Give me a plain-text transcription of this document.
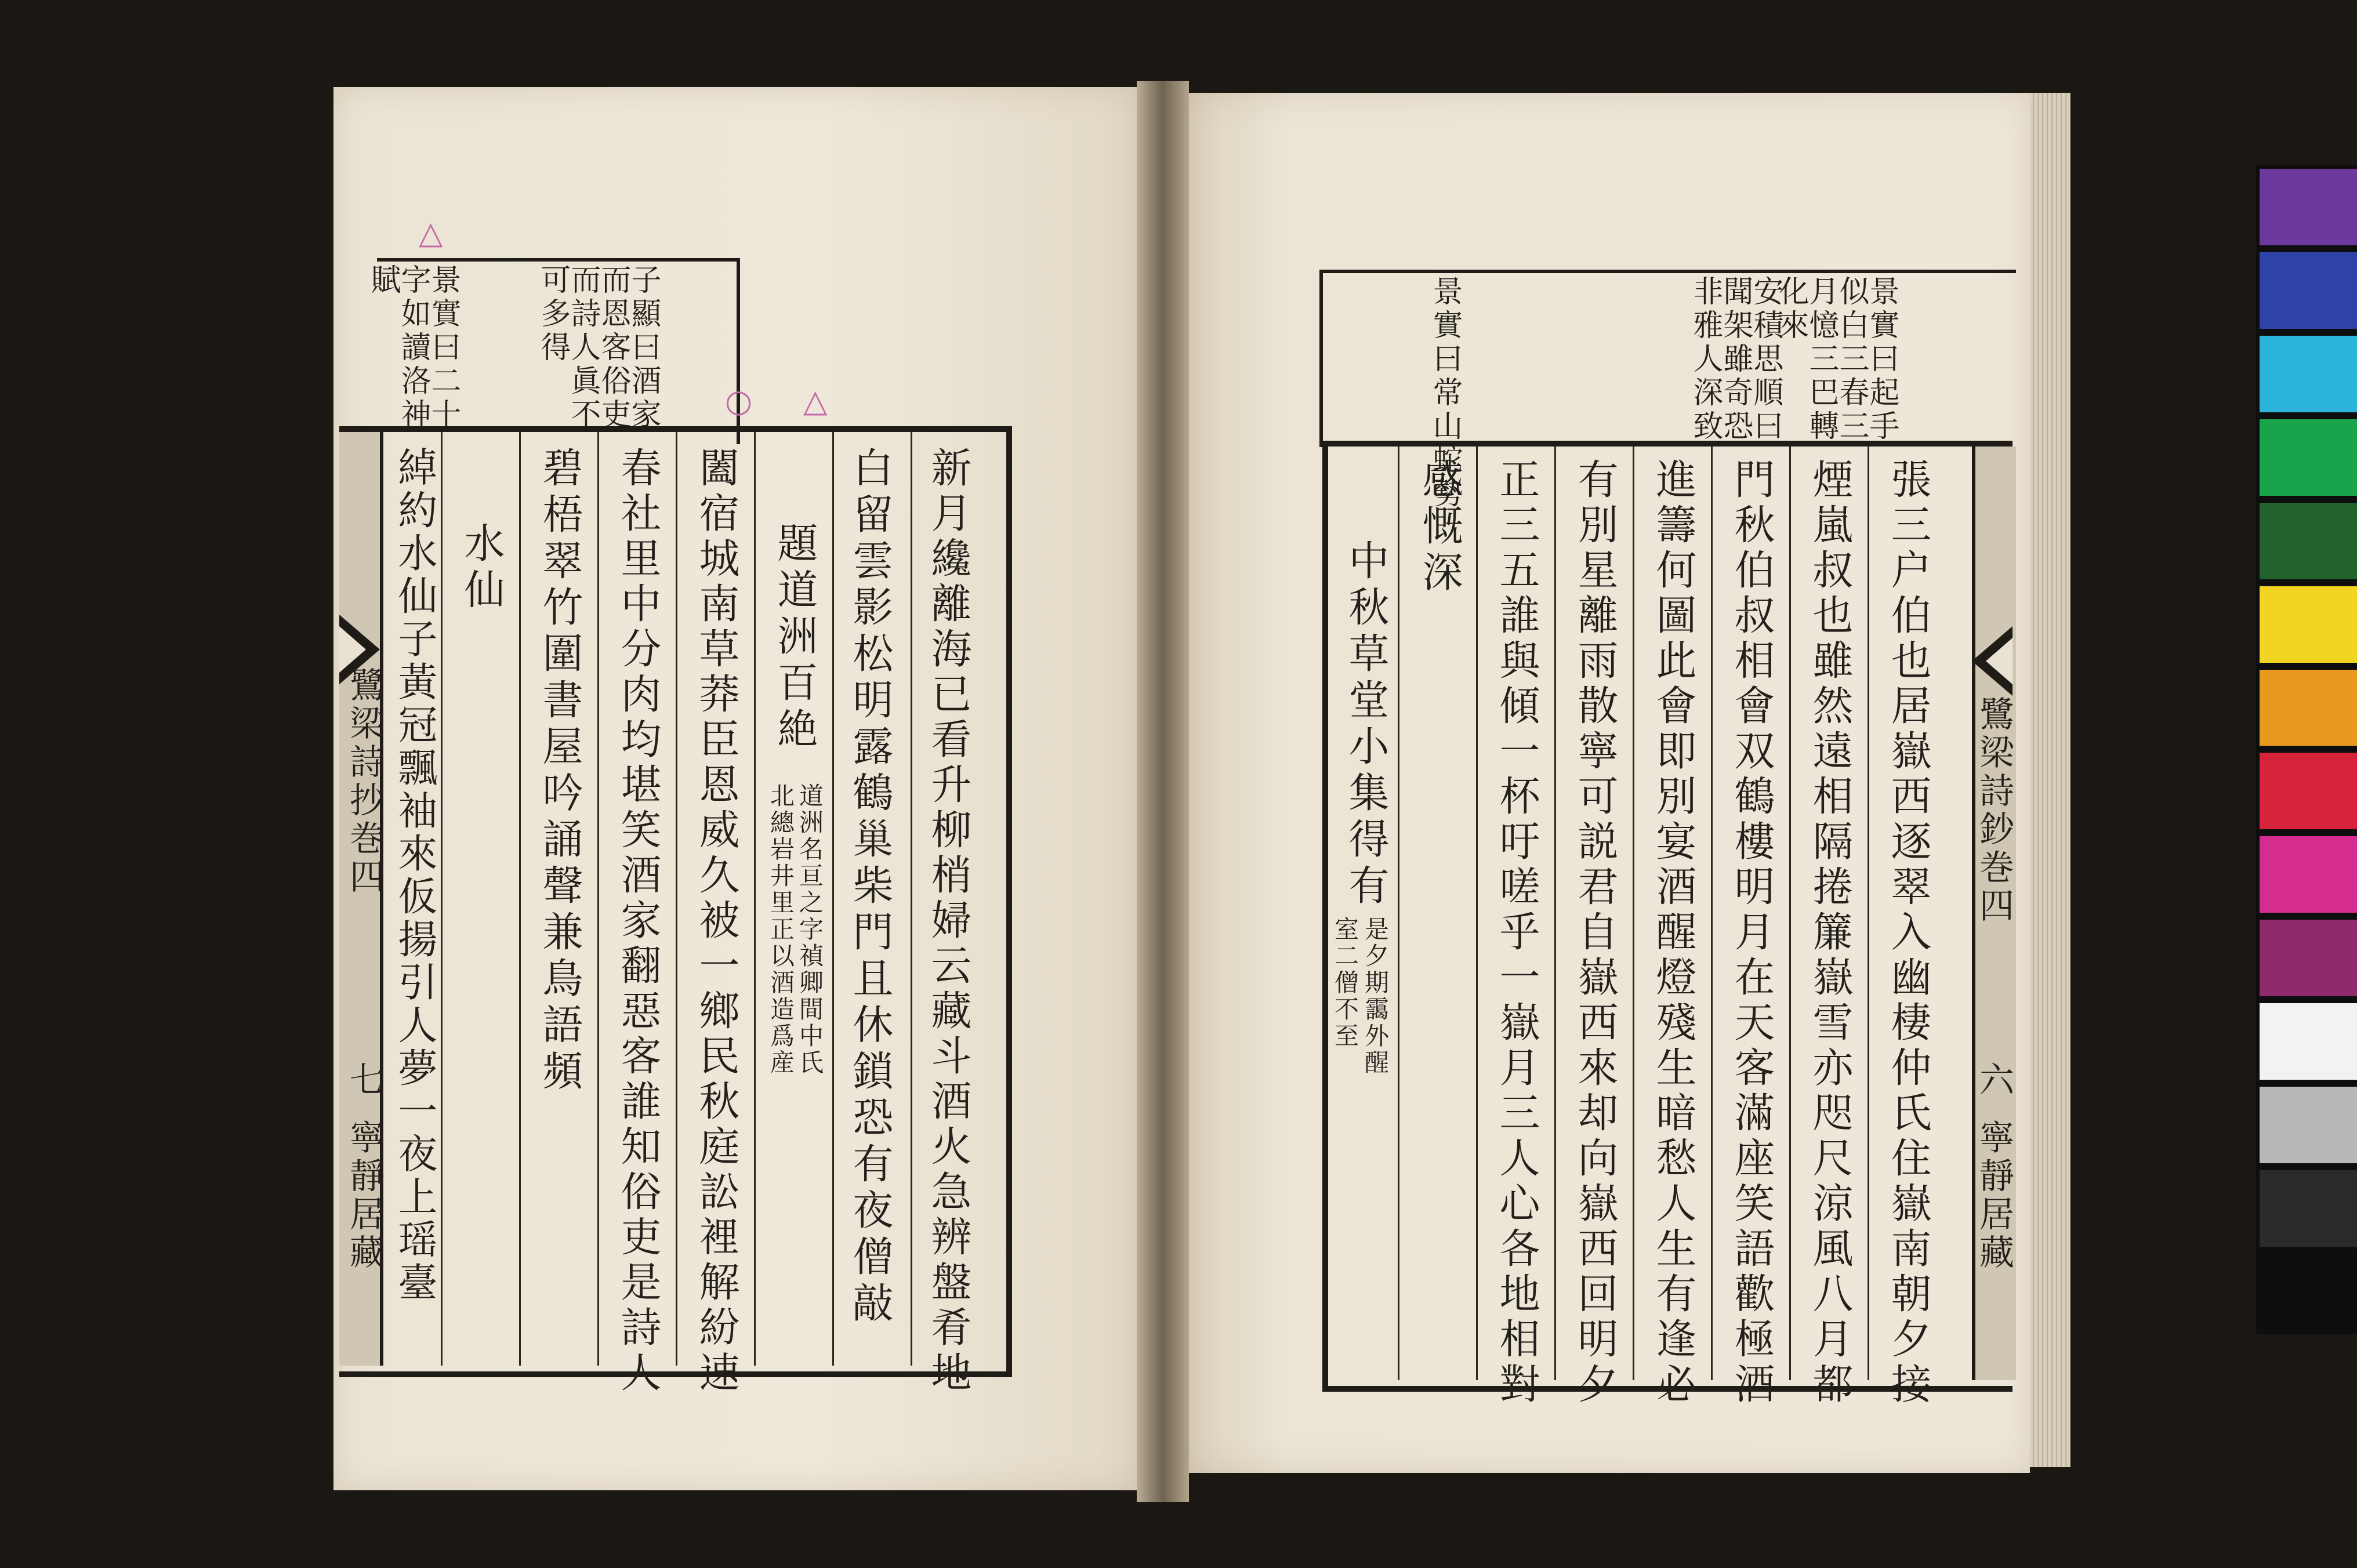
景實曰二十字如讀洛神賦	子顯曰酒家而恩客俗吏而詩人眞不可多得
△
△
○
鷺梁詩抄巻四
七
寧靜居藏	新月纔離海已看升柳梢婦云藏斗酒火急辨盤肴地
白留雲影松明露鶴巢柴門且休鎖恐有夜僧敲
題道洲百絶
道洲名亘之字禎卿間中氏
北總岩井里正以酒造爲産
闔宿城南草莽臣恩威久被一鄉民秋庭訟裡解紛速
春社里中分肉均堪笑酒家翻惡客誰知俗吏是詩人
碧梧翠竹圍書屋吟誦聲兼鳥語頻
水仙
綽約水仙子黃冠飄袖來仮揚引人夢一夜上瑶臺
景實曰起手似白三春三月憶三巴轉化來
安積思順曰聞架雖奇恐非雅人深致
景實曰常山蛇勢
鷺梁詩鈔巻四
六
寧靜居藏
張三户伯也居嶽西逐翠入幽棲仲氏住嶽南朝夕接
煙嵐叔也雖然遠相隔捲簾嶽雪亦咫尺涼風八月都
門秋伯叔相會双鶴樓明月在天客滿座笑語歡極酒
進籌何圖此會即別宴酒醒燈殘生暗愁人生有逢必
有別星離雨散寧可説君自嶽西來却向嶽西回明夕
正三五誰與傾一杯吁嗟乎一嶽月三人心各地相對
感慨深
中秋草堂小集得有
是夕期靄外醒
室二僧不至
